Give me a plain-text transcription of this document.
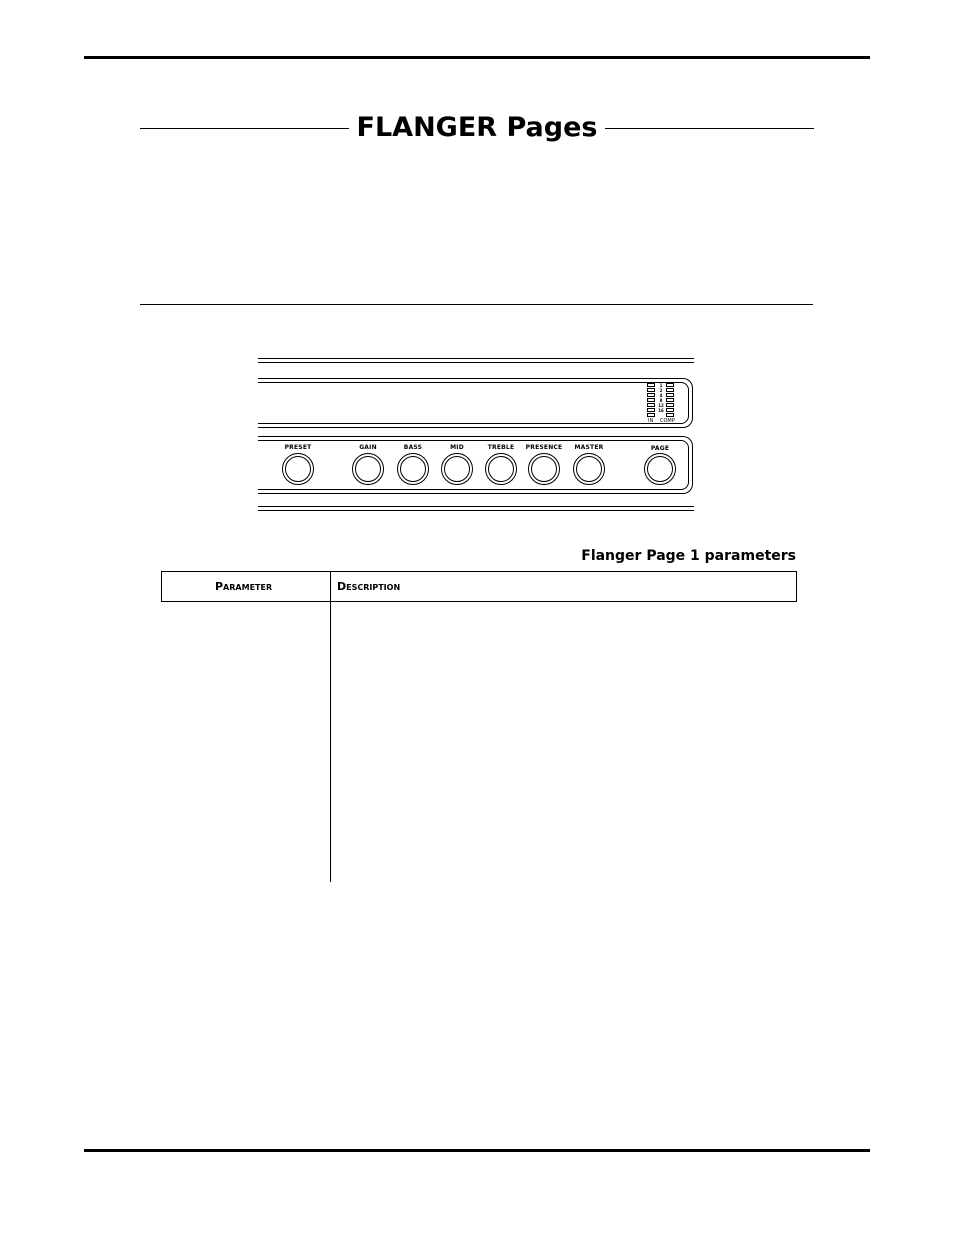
FLANGER Pages
1
2
4
8
12
16
IN COMP
PRESET	GAIN	BASS	MID	TREBLE	PRESENCE	MASTER	PAGE
Flanger Page 1 parameters
Parameter	Description
